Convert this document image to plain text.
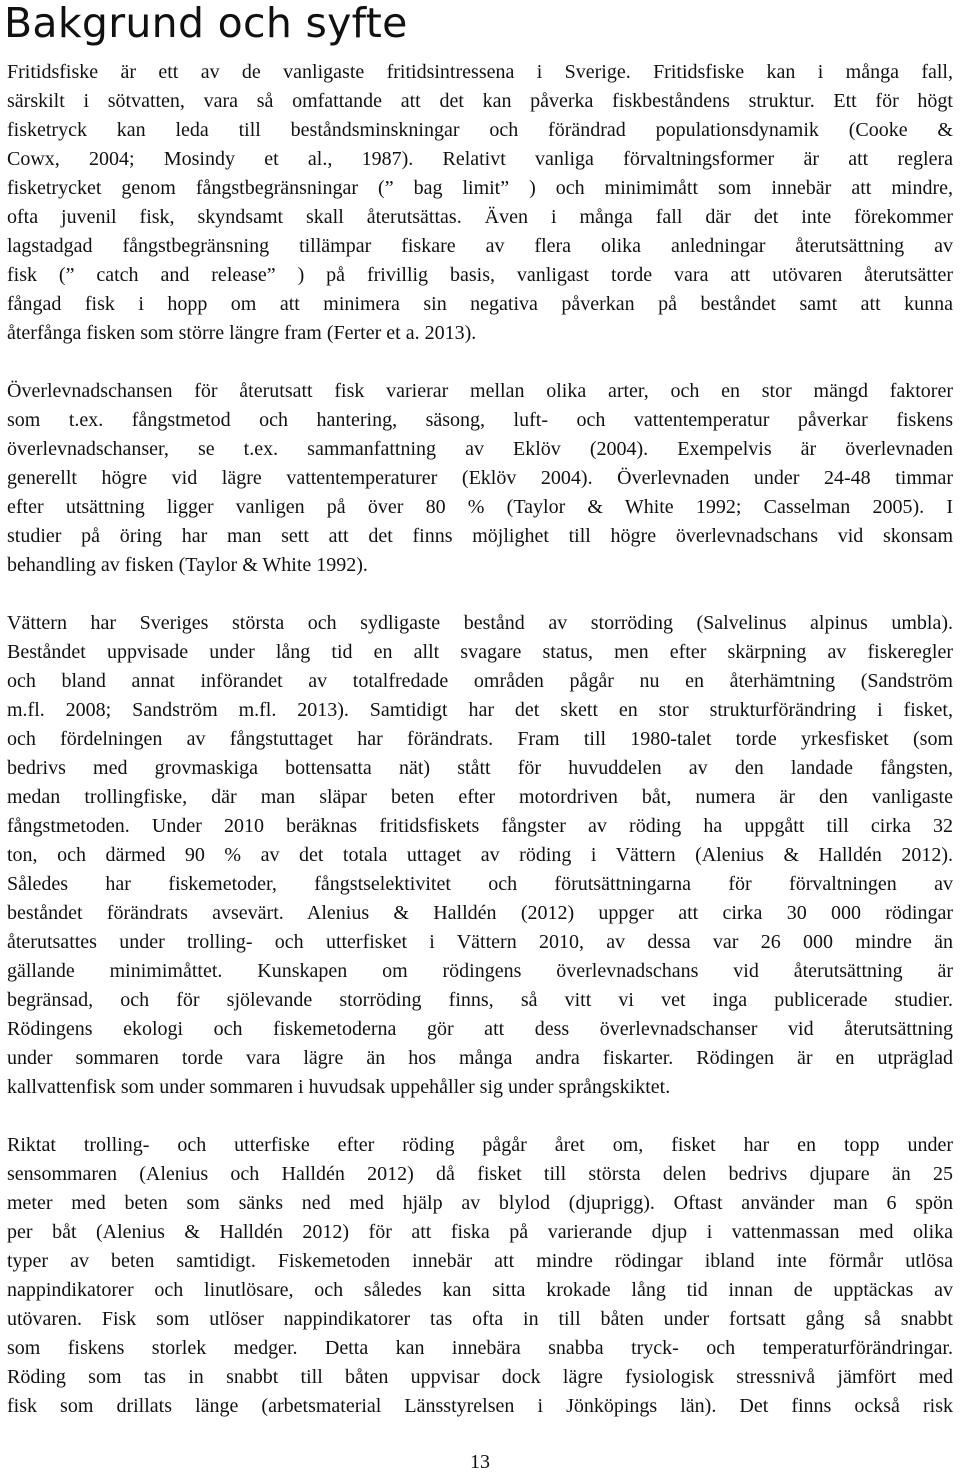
Bakgrund och syfte
Fritidsfiske är ett av de vanligaste fritidsintressena i Sverige. Fritidsfiske kan i många fall,
särskilt i sötvatten, vara så omfattande att det kan påverka fiskbeståndens struktur. Ett för högt
fisketryck kan leda till beståndsminskningar och förändrad populationsdynamik (Cooke &
Cowx, 2004; Mosindy et al., 1987). Relativt vanliga förvaltningsformer är att reglera
fisketrycket genom fångstbegränsningar (” bag limit” ) och minimimått som innebär att mindre,
ofta juvenil fisk, skyndsamt skall återutsättas. Även i många fall där det inte förekommer
lagstadgad fångstbegränsning tillämpar fiskare av flera olika anledningar återutsättning av
fisk (” catch and release” ) på frivillig basis, vanligast torde vara att utövaren återutsätter
fångad fisk i hopp om att minimera sin negativa påverkan på beståndet samt att kunna
återfånga fisken som större längre fram (Ferter et a. 2013).
Överlevnadschansen för återutsatt fisk varierar mellan olika arter, och en stor mängd faktorer
som t.ex. fångstmetod och hantering, säsong, luft- och vattentemperatur påverkar fiskens
överlevnadschanser, se t.ex. sammanfattning av Eklöv (2004). Exempelvis är överlevnaden
generellt högre vid lägre vattentemperaturer (Eklöv 2004). Överlevnaden under 24-48 timmar
efter utsättning ligger vanligen på över 80 % (Taylor & White 1992; Casselman 2005). I
studier på öring har man sett att det finns möjlighet till högre överlevnadschans vid skonsam
behandling av fisken (Taylor & White 1992).
Vättern har Sveriges största och sydligaste bestånd av storröding (Salvelinus alpinus umbla).
Beståndet uppvisade under lång tid en allt svagare status, men efter skärpning av fiskeregler
och bland annat införandet av totalfredade områden pågår nu en återhämtning (Sandström
m.fl. 2008; Sandström m.fl. 2013). Samtidigt har det skett en stor strukturförändring i fisket,
och fördelningen av fångstuttaget har förändrats. Fram till 1980-talet torde yrkesfisket (som
bedrivs med grovmaskiga bottensatta nät) stått för huvuddelen av den landade fångsten,
medan trollingfiske, där man släpar beten efter motordriven båt, numera är den vanligaste
fångstmetoden. Under 2010 beräknas fritidsfiskets fångster av röding ha uppgått till cirka 32
ton, och därmed 90 % av det totala uttaget av röding i Vättern (Alenius & Halldén 2012).
Således har fiskemetoder, fångstselektivitet och förutsättningarna för förvaltningen av
beståndet förändrats avsevärt. Alenius & Halldén (2012) uppger att cirka 30 000 rödingar
återutsattes under trolling- och utterfisket i Vättern 2010, av dessa var 26 000 mindre än
gällande minimimåttet. Kunskapen om rödingens överlevnadschans vid återutsättning är
begränsad, och för sjölevande storröding finns, så vitt vi vet inga publicerade studier.
Rödingens ekologi och fiskemetoderna gör att dess överlevnadschanser vid återutsättning
under sommaren torde vara lägre än hos många andra fiskarter. Rödingen är en utpräglad
kallvattenfisk som under sommaren i huvudsak uppehåller sig under språngskiktet.
Riktat trolling- och utterfiske efter röding pågår året om, fisket har en topp under
sensommaren (Alenius och Halldén 2012) då fisket till största delen bedrivs djupare än 25
meter med beten som sänks ned med hjälp av blylod (djuprigg). Oftast använder man 6 spön
per båt (Alenius & Halldén 2012) för att fiska på varierande djup i vattenmassan med olika
typer av beten samtidigt. Fiskemetoden innebär att mindre rödingar ibland inte förmår utlösa
nappindikatorer och linutlösare, och således kan sitta krokade lång tid innan de upptäckas av
utövaren. Fisk som utlöser nappindikatorer tas ofta in till båten under fortsatt gång så snabbt
som fiskens storlek medger. Detta kan innebära snabba tryck- och temperaturförändringar.
Röding som tas in snabbt till båten uppvisar dock lägre fysiologisk stressnivå jämfört med
fisk som drillats länge (arbetsmaterial Länsstyrelsen i Jönköpings län). Det finns också risk
13
